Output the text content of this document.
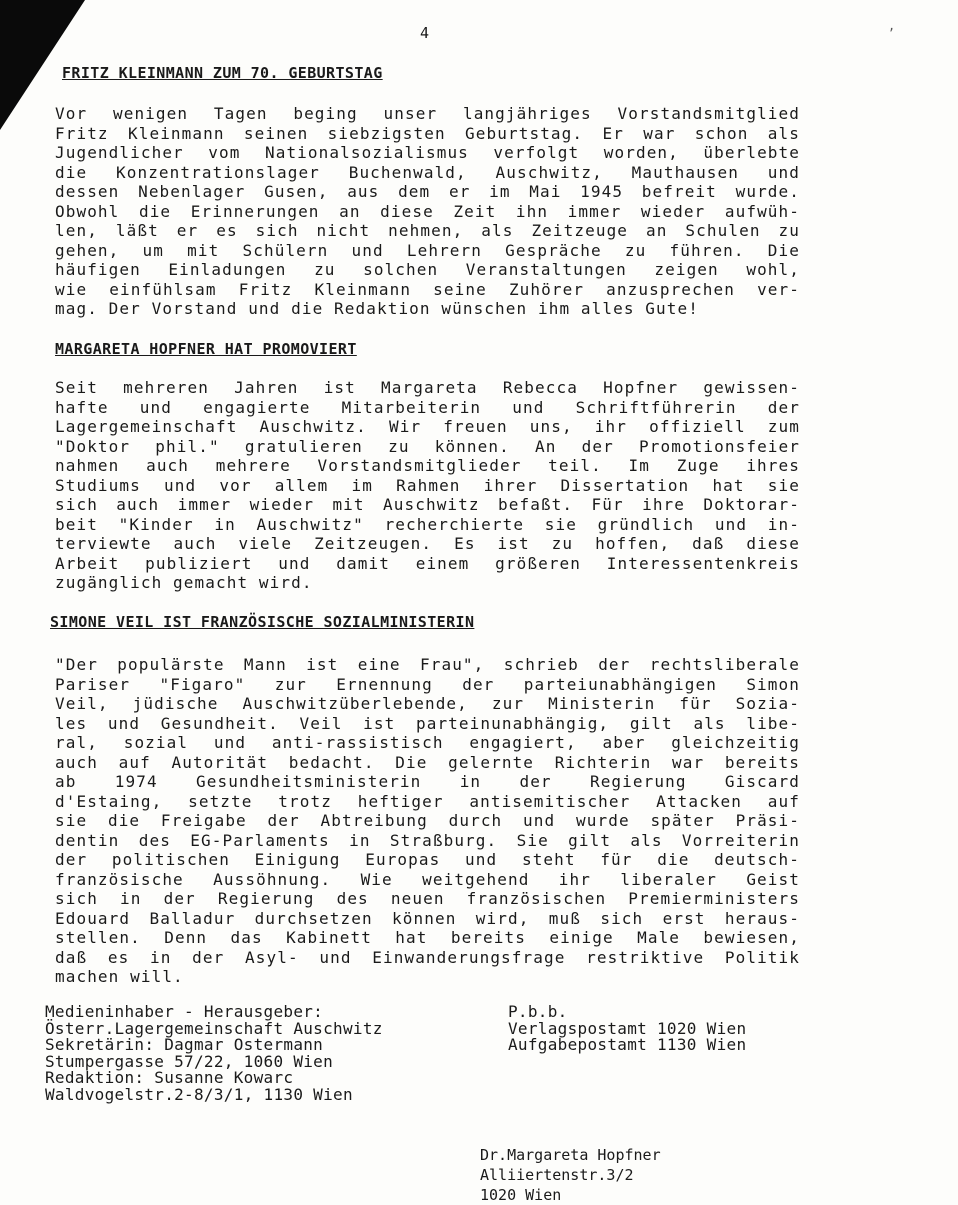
4	‚
FRITZ KLEINMANN ZUM 70. GEBURTSTAG
Vor wenigen Tagen beging unser langjähriges Vorstandsmitglied
Fritz Kleinmann seinen siebzigsten Geburtstag. Er war schon als
Jugendlicher vom Nationalsozialismus verfolgt worden, überlebte
die Konzentrationslager Buchenwald, Auschwitz, Mauthausen und
dessen Nebenlager Gusen, aus dem er im Mai 1945 befreit wurde.
Obwohl die Erinnerungen an diese Zeit ihn immer wieder aufwüh-
len, läßt er es sich nicht nehmen, als Zeitzeuge an Schulen zu
gehen, um mit Schülern und Lehrern Gespräche zu führen. Die
häufigen Einladungen zu solchen Veranstaltungen zeigen wohl,
wie einfühlsam Fritz Kleinmann seine Zuhörer anzusprechen ver-
mag. Der Vorstand und die Redaktion wünschen ihm alles Gute!
MARGARETA HOPFNER HAT PROMOVIERT
Seit mehreren Jahren ist Margareta Rebecca Hopfner gewissen-
hafte und engagierte Mitarbeiterin und Schriftführerin der
Lagergemeinschaft Auschwitz. Wir freuen uns, ihr offiziell zum
"Doktor phil." gratulieren zu können. An der Promotionsfeier
nahmen auch mehrere Vorstandsmitglieder teil. Im Zuge ihres
Studiums und vor allem im Rahmen ihrer Dissertation hat sie
sich auch immer wieder mit Auschwitz befaßt. Für ihre Doktorar-
beit "Kinder in Auschwitz" recherchierte sie gründlich und in-
terviewte auch viele Zeitzeugen. Es ist zu hoffen, daß diese
Arbeit publiziert und damit einem größeren Interessentenkreis
zugänglich gemacht wird.
SIMONE VEIL IST FRANZÖSISCHE SOZIALMINISTERIN
"Der populärste Mann ist eine Frau", schrieb der rechtsliberale
Pariser "Figaro" zur Ernennung der parteiunabhängigen Simon
Veil, jüdische Auschwitzüberlebende, zur Ministerin für Sozia-
les und Gesundheit. Veil ist parteinunabhängig, gilt als libe-
ral, sozial und anti-rassistisch engagiert, aber gleichzeitig
auch auf Autorität bedacht. Die gelernte Richterin war bereits
ab 1974 Gesundheitsministerin in der Regierung Giscard
d'Estaing, setzte trotz heftiger antisemitischer Attacken auf
sie die Freigabe der Abtreibung durch und wurde später Präsi-
dentin des EG-Parlaments in Straßburg. Sie gilt als Vorreiterin
der politischen Einigung Europas und steht für die deutsch-
französische Aussöhnung. Wie weitgehend ihr liberaler Geist
sich in der Regierung des neuen französischen Premierministers
Edouard Balladur durchsetzen können wird, muß sich erst heraus-
stellen. Denn das Kabinett hat bereits einige Male bewiesen,
daß es in der Asyl- und Einwanderungsfrage restriktive Politik
machen will.
Medieninhaber - Herausgeber:
Österr.Lagergemeinschaft Auschwitz
Sekretärin: Dagmar Ostermann
Stumpergasse 57/22, 1060 Wien
Redaktion: Susanne Kowarc
Waldvogelstr.2-8/3/1, 1130 Wien
P.b.b.
Verlagspostamt 1020 Wien
Aufgabepostamt 1130 Wien
Dr.Margareta Hopfner
Alliiertenstr.3/2
1020 Wien
